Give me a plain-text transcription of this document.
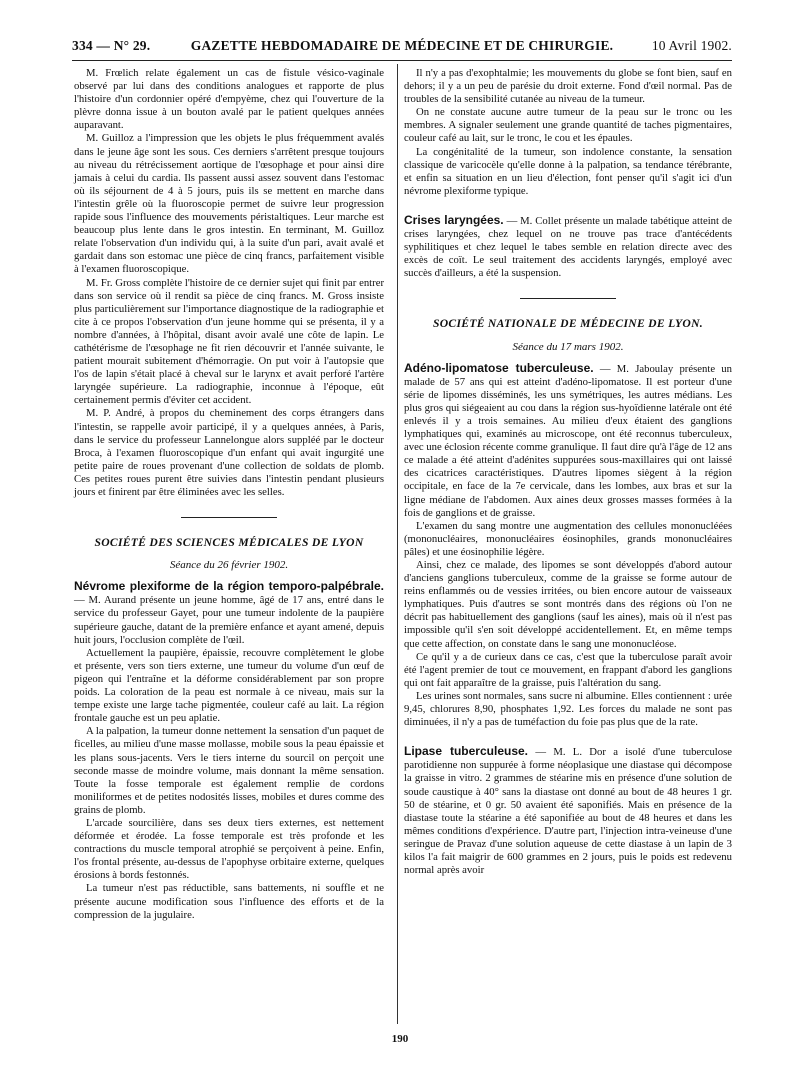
334 — N° 29.	GAZETTE HEBDOMADAIRE DE MÉDECINE ET DE CHIRURGIE.	10 Avril 1902.

M. Frœlich relate également un cas de fistule vésico-vaginale observé par lui dans des conditions analogues et rapporte de plus l'histoire d'un cordonnier opéré d'empyème, chez qui l'ouverture de la plèvre donna issue à un bouton avalé par le patient quelques années auparavant.

M. Guilloz a l'impression que les objets le plus fréquemment avalés dans le jeune âge sont les sous. Ces derniers s'arrêtent presque toujours au niveau du rétrécissement aortique de l'œsophage et pour ainsi dire jamais à celui du cardia. Ils passent aussi assez souvent dans l'estomac où ils séjournent de 4 à 5 jours, puis ils se mettent en marche dans l'intestin grêle où la fluoroscopie permet de suivre leur progression rapide sous l'influence des mouvements péristaltiques. Leur marche est beaucoup plus lente dans le gros intestin. En terminant, M. Guilloz relate l'observation d'un individu qui, à la suite d'un pari, avait avalé et gardait dans son estomac une pièce de cinq francs, parfaitement visible à l'examen fluoroscopique.

M. Fr. Gross complète l'histoire de ce dernier sujet qui finit par entrer dans son service où il rendit sa pièce de cinq francs. M. Gross insiste plus particulièrement sur l'importance diagnostique de la radiographie et cite à ce propos l'observation d'un jeune homme qui se présenta, il y a nombre d'années, à l'hôpital, disant avoir avalé une côte de lapin. Le cathétérisme de l'œsophage ne fit rien découvrir et l'année suivante, le patient mourait subitement d'hémorragie. On put voir à l'autopsie que l'os de lapin s'était placé à cheval sur le larynx et avait perforé l'artère laryngée supérieure. La radiographie, inconnue à l'époque, eût certainement permis d'éviter cet accident.

M. P. André, à propos du cheminement des corps étrangers dans l'intestin, se rappelle avoir participé, il y a quelques années, à Paris, dans le service du professeur Lannelongue alors suppléé par le docteur Broca, à l'examen fluoroscopique d'un enfant qui avait ingurgité une petite paire de roues provenant d'une collection de soldats de plomb. Ces petites roues purent être suivies dans l'intestin pendant plusieurs jours et finirent par être éliminées avec les selles.

SOCIÉTÉ DES SCIENCES MÉDICALES DE LYON
Séance du 26 février 1902.

Névrome plexiforme de la région temporo-palpébrale. — M. Aurand présente un jeune homme, âgé de 17 ans, entré dans le service du professeur Gayet, pour une tumeur indolente de la paupière supérieure gauche, datant de la première enfance et ayant amené, depuis huit jours, l'occlusion complète de l'œil.

Actuellement la paupière, épaissie, recouvre complètement le globe et présente, vers son tiers externe, une tumeur du volume d'un œuf de pigeon qui l'entraîne et la déforme considérablement par son propre poids. La coloration de la peau est normale à ce niveau, mais sur la tempe existe une large tache pigmentée, couleur café au lait. La région frontale gauche est un peu aplatie.

A la palpation, la tumeur donne nettement la sensation d'un paquet de ficelles, au milieu d'une masse mollasse, mobile sous la peau épaissie et les plans sous-jacents. Vers le tiers interne du sourcil on perçoit une seconde masse de moindre volume, mais donnant la même sensation. Toute la fosse temporale est également remplie de cordons moniliformes et de petites nodosités lisses, mobiles et dures comme des grains de plomb.

L'arcade sourcilière, dans ses deux tiers externes, est nettement déformée et érodée. La fosse temporale est très profonde et les contractions du muscle temporal atrophié se perçoivent à peine. Enfin, l'os frontal présente, au-dessus de l'apophyse orbitaire externe, quelques érosions à bords festonnés.

La tumeur n'est pas réductible, sans battements, ni souffle et ne présente aucune modification sous l'influence des efforts et de la compression de la jugulaire.

Il n'y a pas d'exophtalmie; les mouvements du globe se font bien, sauf en dehors; il y a un peu de parésie du droit externe. Fond d'œil normal. Pas de troubles de la sensibilité cutanée au niveau de la tumeur.

On ne constate aucune autre tumeur de la peau sur le tronc ou les membres. A signaler seulement une grande quantité de taches pigmentaires, couleur café au lait, sur le tronc, le cou et les épaules.

La congénitalité de la tumeur, son indolence constante, la sensation classique de varicocèle qu'elle donne à la palpation, sa tendance térébrante, et enfin sa situation en un lieu d'élection, font penser qu'il s'agit ici d'un névrome plexiforme typique.

Crises laryngées. — M. Collet présente un malade tabétique atteint de crises laryngées, chez lequel on ne trouve pas trace d'antécédents syphilitiques et chez lequel le tabes semble en relation directe avec des excès de coït. Le seul traitement des accidents laryngés, employé avec succès d'ailleurs, a été la suspension.

SOCIÉTÉ NATIONALE DE MÉDECINE DE LYON.
Séance du 17 mars 1902.

Adéno-lipomatose tuberculeuse. — M. Jaboulay présente un malade de 57 ans qui est atteint d'adéno-lipomatose. Il est porteur d'une série de lipomes disséminés, les uns symétriques, les autres médians. Les plus gros qui siégeaient au cou dans la région sus-hyoïdienne latérale ont été enlevés il y a trois semaines. Au milieu d'eux étaient des ganglions lymphatiques qui, examinés au microscope, ont été reconnus tuberculeux, avec une éclosion récente comme granulique. Il faut dire qu'à l'âge de 12 ans ce malade a été atteint d'adénites suppurées sous-maxillaires qui ont laissé des cicatrices caractéristiques. D'autres lipomes siègent à la région occipitale, en face de la 7e cervicale, dans les lombes, aux bras et sur la ligne médiane de l'abdomen. Aux aines deux grosses masses formées à la fois de ganglions et de graisse.

L'examen du sang montre une augmentation des cellules mononucléées (mononucléaires, mononucléaires éosinophiles, grands mononucléaires pâles) et une éosinophilie légère.

Ainsi, chez ce malade, des lipomes se sont développés d'abord autour d'anciens ganglions tuberculeux, comme de la graisse se forme autour de reins enflammés ou de vessies irritées, ou bien encore autour de vaisseaux lymphatiques. Puis d'autres se sont montrés dans des régions où l'on ne décrit pas habituellement des ganglions (sauf les aines), mais où il n'est pas impossible qu'il s'en soit développé accidentellement. Et, en même temps que cette affection, on constate dans le sang une mononucléose.

Ce qu'il y a de curieux dans ce cas, c'est que la tuberculose paraît avoir été l'agent premier de tout ce mouvement, en frappant d'abord les ganglions qui ont fait apparaître de la graisse, puis l'altération du sang.

Les urines sont normales, sans sucre ni albumine. Elles contiennent : urée 9,45, chlorures 8,90, phosphates 1,92. Les forces du malade ne sont pas diminuées, il n'y a pas de tuméfaction du foie pas plus que de la rate.

Lipase tuberculeuse. — M. L. Dor a isolé d'une tuberculose parotidienne non suppurée à forme néoplasique une diastase qui décompose la graisse in vitro. 2 grammes de stéarine mis en présence d'une solution de soude caustique à 40° sans la diastase ont donné au bout de 48 heures 1 gr. 50 de stéarine, et 0 gr. 50 avaient été saponifiés. Mais en présence de la diastase toute la stéarine a été saponifiée au bout de 48 heures et dans les mêmes conditions d'expérience. D'autre part, l'injection intra-veineuse d'une seringue de Pravaz d'une solution aqueuse de cette diastase à un lapin de 3 kilos l'a fait maigrir de 600 grammes en 2 jours, puis le poids est redevenu normal après avoir

190
